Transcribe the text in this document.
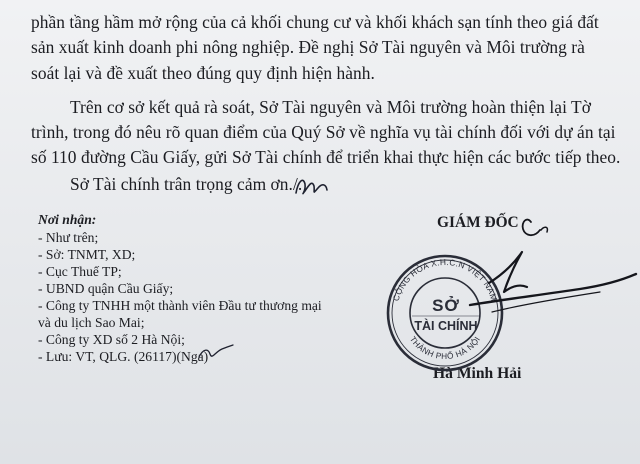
phần tầng hầm mở rộng của cả khối chung cư và khối khách sạn tính theo giá đất
sản xuất kinh doanh phi nông nghiệp. Đề nghị Sở Tài nguyên và Môi trường rà
soát lại và đề xuất theo đúng quy định hiện hành.
Trên cơ sở kết quả rà soát, Sở Tài nguyên và Môi trường hoàn thiện lại Tờ
trình, trong đó nêu rõ quan điểm của Quý Sở về nghĩa vụ tài chính đối với dự án tại
số 110 đường Cầu Giấy, gửi Sở Tài chính để triển khai thực hiện các bước tiếp theo.
Sở Tài chính trân trọng cảm ơn./.
Nơi nhận:
- Như trên;
- Sở: TNMT, XD;
- Cục Thuế TP;
- UBND quận Cầu Giấy;
- Công ty TNHH một thành viên Đầu tư thương mại
và du lịch Sao Mai;
- Công ty XD số 2 Hà Nội;
- Lưu: VT, QLG. (26117)(Nga)
GIÁM ĐỐC
Hà Minh Hải
CỘNG HÒA X.H.C.N VIỆT NAM
THÀNH PHỐ HÀ NỘI
SỞ
TÀI CHÍNH
